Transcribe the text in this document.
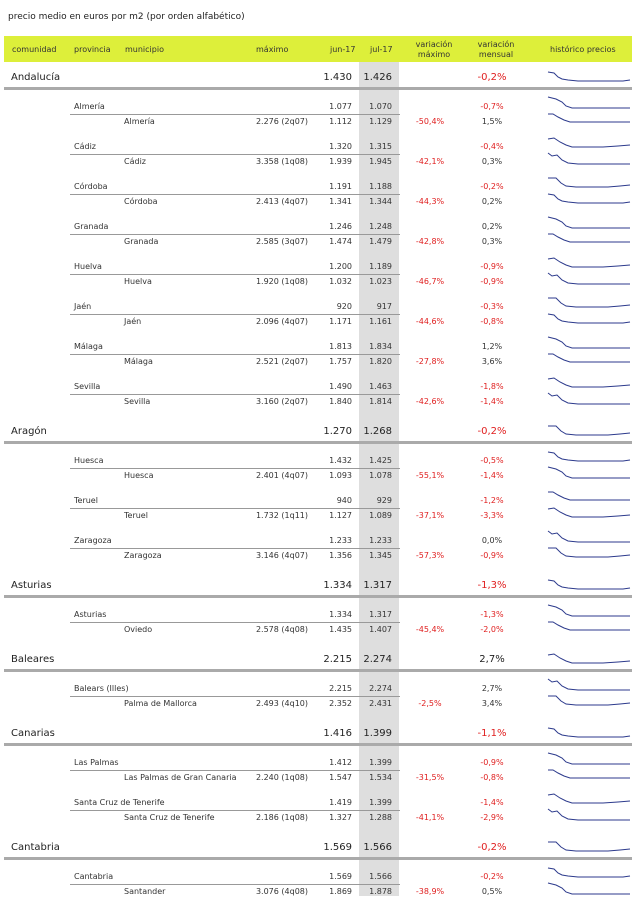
precio medio en euros por m2 (por orden alfabético)
comunidad provincia municipio	máximo	jun-17 jul-17
variación
máximo
variación
mensual
histórico precios
Andalucía	1.430	1.426	-0,2%
Almería	1.077	1.070	-0,7%
Almería	2.276 (2q07)	1.112	1.129	-50,4%	1,5%
Cádiz	1.320	1.315	-0,4%
Cádiz	3.358 (1q08)	1.939	1.945	-42,1%	0,3%
Córdoba	1.191	1.188	-0,2%
Córdoba	2.413 (4q07)	1.341	1.344	-44,3%	0,2%
Granada	1.246	1.248	0,2%
Granada	2.585 (3q07)	1.474	1.479	-42,8%	0,3%
Huelva	1.200	1.189	-0,9%
Huelva	1.920 (1q08)	1.032	1.023	-46,7%	-0,9%
Jaén	920	917	-0,3%
Jaén	2.096 (4q07)	1.171	1.161	-44,6%	-0,8%
Málaga	1.813	1.834	1,2%
Málaga	2.521 (2q07)	1.757	1.820	-27,8%	3,6%
Sevilla	1.490	1.463	-1,8%
Sevilla	3.160 (2q07)	1.840	1.814	-42,6%	-1,4%
Aragón	1.270	1.268	-0,2%
Huesca	1.432	1.425	-0,5%
Huesca	2.401 (4q07)	1.093	1.078	-55,1%	-1,4%
Teruel	940	929	-1,2%
Teruel	1.732 (1q11)	1.127	1.089	-37,1%	-3,3%
Zaragoza	1.233	1.233	0,0%
Zaragoza	3.146 (4q07)	1.356	1.345	-57,3%	-0,9%
Asturias	1.334	1.317	-1,3%
Asturias	1.334	1.317	-1,3%
Oviedo	2.578 (4q08)	1.435	1.407	-45,4%	-2,0%
Baleares	2.215	2.274	2,7%
Balears (Illes)	2.215	2.274	2,7%
Palma de Mallorca	2.493 (4q10)	2.352	2.431	-2,5%	3,4%
Canarias	1.416	1.399	-1,1%
Las Palmas	1.412	1.399	-0,9%
Las Palmas de Gran Canaria	2.240 (1q08)	1.547	1.534	-31,5%	-0,8%
Santa Cruz de Tenerife	1.419	1.399	-1,4%
Santa Cruz de Tenerife	2.186 (1q08)	1.327	1.288	-41,1%	-2,9%
Cantabria	1.569	1.566	-0,2%
Cantabria	1.569	1.566	-0,2%
Santander	3.076 (4q08)	1.869	1.878	-38,9%	0,5%
